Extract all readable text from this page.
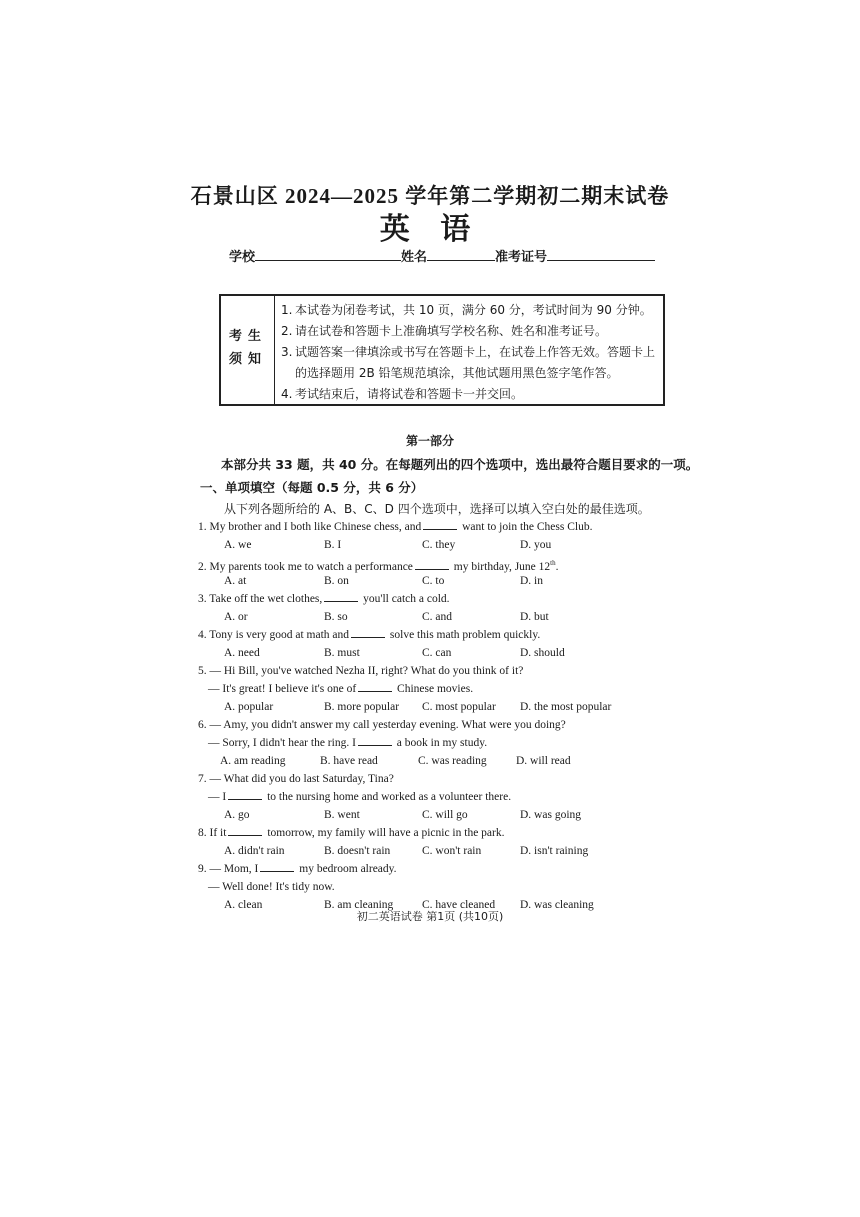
石景山区 2024—2025 学年第二学期初二期末试卷
英 语
学校	姓名	准考证号
考生
须知
1. 本试卷为闭卷考试，共 10 页，满分 60 分，考试时间为 90 分钟。
2. 请在试卷和答题卡上准确填写学校名称、姓名和准考证号。
3. 试题答案一律填涂或书写在答题卡上，在试卷上作答无效。答题卡上的选择题用 2B 铅笔规范填涂，其他试题用黑色签字笔作答。
4. 考试结束后，请将试卷和答题卡一并交回。
第一部分
本部分共 33 题，共 40 分。在每题列出的四个选项中，选出最符合题目要求的一项。
一、单项填空（每题 0.5 分，共 6 分）
从下列各题所给的 A、B、C、D 四个选项中，选择可以填入空白处的最佳选项。
1. My brother and I both like Chinese chess, and	want to join the Chess Club.
A. we	B. I	C. they	D. you
2. My parents took me to watch a performance	my birthday, June 12th.
A. at	B. on	C. to	D. in
3. Take off the wet clothes,	you'll catch a cold.
A. or	B. so	C. and	D. but
4. Tony is very good at math and	solve this math problem quickly.
A. need	B. must	C. can	D. should
5. — Hi Bill, you've watched Nezha II, right? What do you think of it?
— It's great! I believe it's one of	Chinese movies.
A. popular	B. more popular C. most popular D. the most popular
6. — Amy, you didn't answer my call yesterday evening. What were you doing?
— Sorry, I didn't hear the ring. I	a book in my study.
A. am reading	B. have read	C. was reading	D. will read
7. — What did you do last Saturday, Tina?
— I	to the nursing home and worked as a volunteer there.
A. go	B. went	C. will go	D. was going
8. If it	tomorrow, my family will have a picnic in the park.
A. didn't rain	B. doesn't rain	C. won't rain	D. isn't raining
9. — Mom, I	my bedroom already.
— Well done! It's tidy now.
A. clean	B. am cleaning C. have cleaned D. was cleaning
初二英语试卷 第1页 (共10页)
